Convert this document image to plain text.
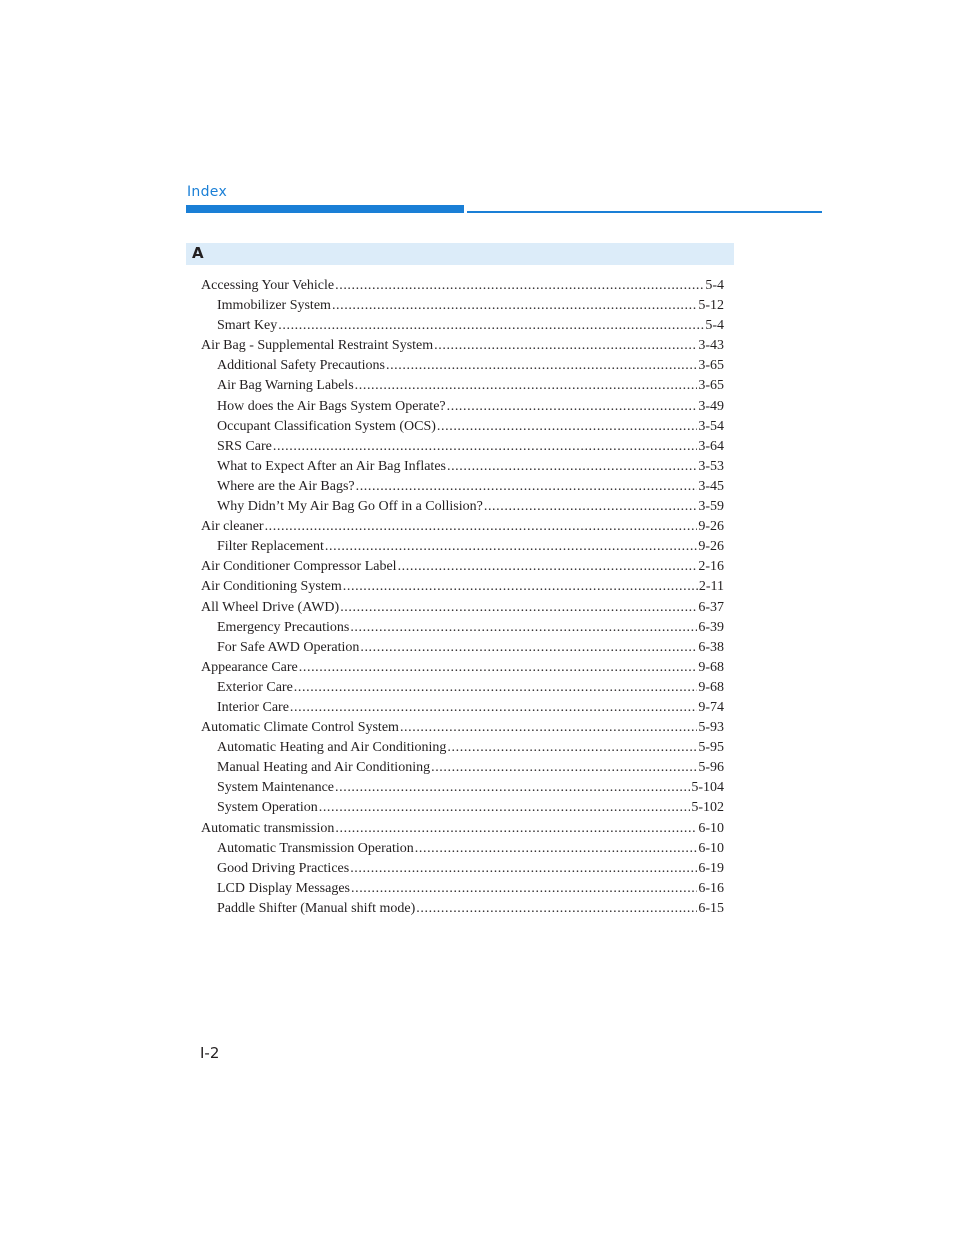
Index
A
Accessing Your Vehicle .....	5-4
Immobilizer System .....	5-12
Smart Key .....	5-4
Air Bag - Supplemental Restraint System .....	3-43
Additional Safety Precautions .....	3-65
Air Bag Warning Labels .....	3-65
How does the Air Bags System Operate? .....	3-49
Occupant Classification System (OCS) .....	3-54
SRS Care .....	3-64
What to Expect After an Air Bag Inflates .....	3-53
Where are the Air Bags? .....	3-45
Why Didn’t My Air Bag Go Off in a Collision? .....	3-59
Air cleaner .....	9-26
Filter Replacement .....	9-26
Air Conditioner Compressor Label .....	2-16
Air Conditioning System .....	2-11
All Wheel Drive (AWD) .....	6-37
Emergency Precautions .....	6-39
For Safe AWD Operation .....	6-38
Appearance Care .....	9-68
Exterior Care .....	9-68
Interior Care .....	9-74
Automatic Climate Control System .....	5-93
Automatic Heating and Air Conditioning .....	5-95
Manual Heating and Air Conditioning .....	5-96
System Maintenance .....	5-104
System Operation .....	5-102
Automatic transmission .....	6-10
Automatic Transmission Operation .....	6-10
Good Driving Practices .....	6-19
LCD Display Messages .....	6-16
Paddle Shifter (Manual shift mode) .....	6-15
I-2
